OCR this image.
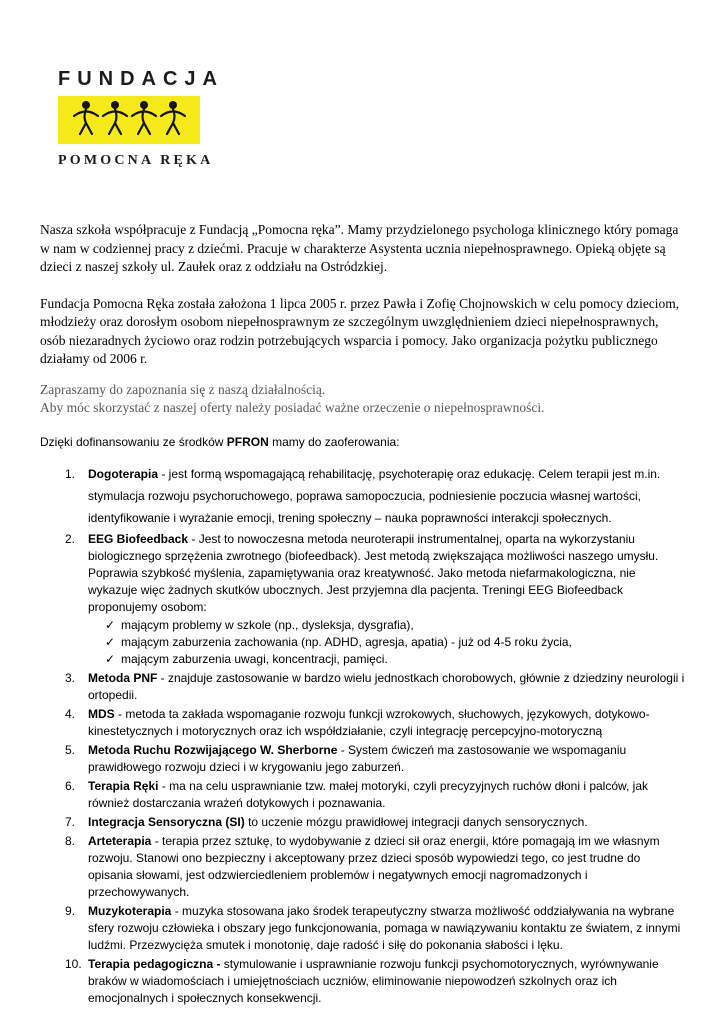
FUNDACJA
POMOCNA RĘKA
Nasza szkoła współpracuje z Fundacją „Pomocna ręka”. Mamy przydzielonego psychologa klinicznego który pomaga w nam w codziennej pracy z dziećmi. Pracuje w charakterze Asystenta ucznia niepełnosprawnego. Opieką objęte są dzieci z naszej szkoły ul. Zaułek oraz z oddziału na Ostródzkiej.
Fundacja Pomocna Ręka została założona 1 lipca 2005 r. przez Pawła i Zofię Chojnowskich w celu pomocy dzieciom, młodzieży oraz dorosłym osobom niepełnosprawnym ze szczególnym uwzględnieniem dzieci niepełnosprawnych, osób niezaradnych życiowo oraz rodzin potrzebujących wsparcia i pomocy. Jako organizacja pożytku publicznego działamy od 2006 r.
Zapraszamy do zapoznania się z naszą działalnością.
Aby móc skorzystać z naszej oferty należy posiadać ważne orzeczenie o niepełnosprawności.
Dzięki dofinansowaniu ze środków PFRON mamy do zaoferowania:
1.	Dogoterapia - jest formą wspomagającą rehabilitację, psychoterapię oraz edukację. Celem terapii jest m.in. stymulacja rozwoju psychoruchowego, poprawa samopoczucia, podniesienie poczucia własnej wartości, identyfikowanie i wyrażanie emocji, trening społeczny – nauka poprawności interakcji społecznych.
2.	EEG Biofeedback - Jest to nowoczesna metoda neuroterapii instrumentalnej, oparta na wykorzystaniu biologicznego sprzężenia zwrotnego (biofeedback). Jest metodą zwiększająca możliwości naszego umysłu. Poprawia szybkość myślenia, zapamiętywania oraz kreatywność. Jako metoda niefarmakologiczna, nie wykazuje więc żadnych skutków ubocznych. Jest przyjemna dla pacjenta. Treningi EEG Biofeedback proponujemy osobom:
✓ mającym problemy w szkole (np., dysleksja, dysgrafia),
✓ mającym zaburzenia zachowania (np. ADHD, agresja, apatia) - już od 4-5 roku życia,
✓ mającym zaburzenia uwagi, koncentracji, pamięci.
3.	Metoda PNF - znajduje zastosowanie w bardzo wielu jednostkach chorobowych, głównie z dziedziny neurologii i ortopedii.
4.	MDS - metoda ta zakłada wspomaganie rozwoju funkcji wzrokowych, słuchowych, językowych, dotykowo-kinestetycznych i motorycznych oraz ich współdziałanie, czyli integrację percepcyjno-motoryczną
5.	Metoda Ruchu Rozwijającego W. Sherborne - System ćwiczeń ma zastosowanie we wspomaganiu prawidłowego rozwoju dzieci i w krygowaniu jego zaburzeń.
6.	Terapia Ręki - ma na celu usprawnianie tzw. małej motoryki, czyli precyzyjnych ruchów dłoni i palców, jak również dostarczania wrażeń dotykowych i poznawania.
7.	Integracja Sensoryczna (SI) to uczenie mózgu prawidłowej integracji danych sensorycznych.
8.	Arteterapia - terapia przez sztukę, to wydobywanie z dzieci sił oraz energii, które pomagają im we własnym rozwoju. Stanowi ono bezpieczny i akceptowany przez dzieci sposób wypowiedzi tego, co jest trudne do opisania słowami, jest odzwierciedleniem problemów i negatywnych emocji nagromadzonych i przechowywanych.
9.	Muzykoterapia - muzyka stosowana jako środek terapeutyczny stwarza możliwość oddziaływania na wybrane sfery rozwoju człowieka i obszary jego funkcjonowania, pomaga w nawiązywaniu kontaktu ze światem, z innymi ludźmi. Przezwycięża smutek i monotonię, daje radość i siłę do pokonania słabości i lęku.
10. Terapia pedagogiczna - stymulowanie i usprawnianie rozwoju funkcji psychomotorycznych, wyrównywanie braków w wiadomościach i umiejętnościach uczniów, eliminowanie niepowodzeń szkolnych oraz ich emocjonalnych i społecznych konsekwencji.
